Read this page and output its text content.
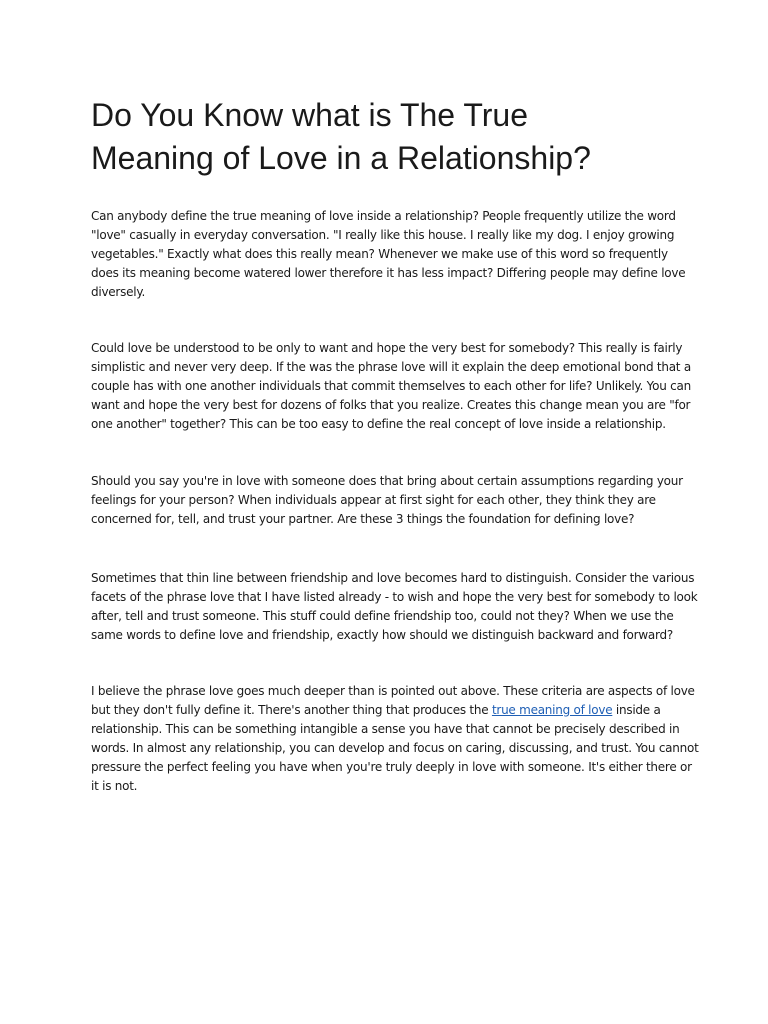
Do You Know what is The True
Meaning of Love in a Relationship?

Can anybody define the true meaning of love inside a relationship? People frequently utilize the word
"love" casually in everyday conversation. "I really like this house. I really like my dog. I enjoy growing
vegetables." Exactly what does this really mean? Whenever we make use of this word so frequently
does its meaning become watered lower therefore it has less impact? Differing people may define love
diversely.

Could love be understood to be only to want and hope the very best for somebody? This really is fairly
simplistic and never very deep. If the was the phrase love will it explain the deep emotional bond that a
couple has with one another individuals that commit themselves to each other for life? Unlikely. You can
want and hope the very best for dozens of folks that you realize. Creates this change mean you are "for
one another" together? This can be too easy to define the real concept of love inside a relationship.

Should you say you're in love with someone does that bring about certain assumptions regarding your
feelings for your person? When individuals appear at first sight for each other, they think they are
concerned for, tell, and trust your partner. Are these 3 things the foundation for defining love?

Sometimes that thin line between friendship and love becomes hard to distinguish. Consider the various
facets of the phrase love that I have listed already - to wish and hope the very best for somebody to look
after, tell and trust someone. This stuff could define friendship too, could not they? When we use the
same words to define love and friendship, exactly how should we distinguish backward and forward?

I believe the phrase love goes much deeper than is pointed out above. These criteria are aspects of love
but they don't fully define it. There's another thing that produces the true meaning of love inside a
relationship. This can be something intangible a sense you have that cannot be precisely described in
words. In almost any relationship, you can develop and focus on caring, discussing, and trust. You cannot
pressure the perfect feeling you have when you're truly deeply in love with someone. It's either there or
it is not.
